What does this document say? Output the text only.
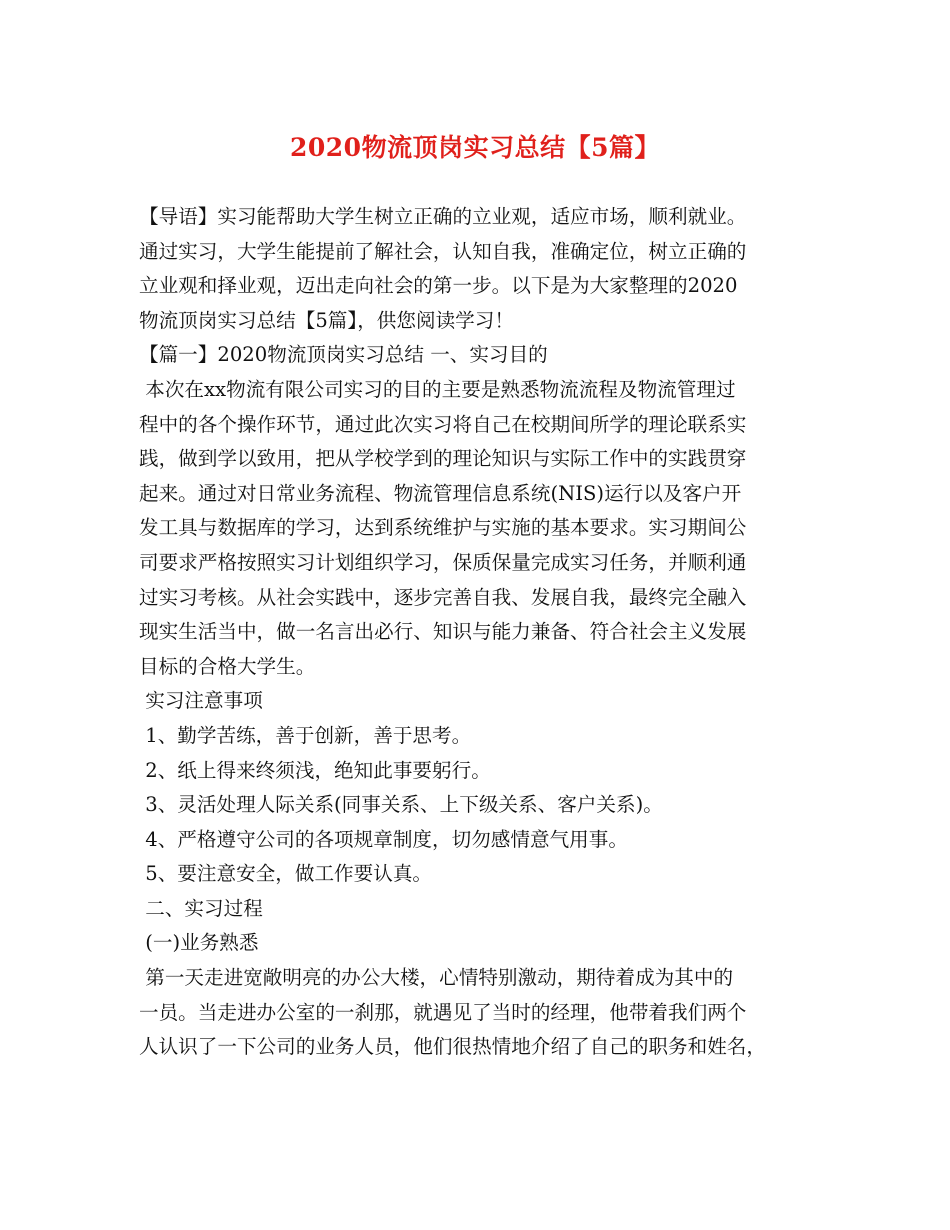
2020物流顶岗实习总结【5篇】
【导语】实习能帮助大学生树立正确的立业观，适应市场，顺利就业。
通过实习，大学生能提前了解社会，认知自我，准确定位，树立正确的
立业观和择业观，迈出走向社会的第一步。以下是为大家整理的2020
物流顶岗实习总结【5篇】，供您阅读学习！
【篇一】2020物流顶岗实习总结 一、实习目的
本次在xx物流有限公司实习的目的主要是熟悉物流流程及物流管理过
程中的各个操作环节，通过此次实习将自己在校期间所学的理论联系实
践，做到学以致用，把从学校学到的理论知识与实际工作中的实践贯穿
起来。通过对日常业务流程、物流管理信息系统(NIS)运行以及客户开
发工具与数据库的学习，达到系统维护与实施的基本要求。实习期间公
司要求严格按照实习计划组织学习，保质保量完成实习任务，并顺利通
过实习考核。从社会实践中，逐步完善自我、发展自我，最终完全融入
现实生活当中，做一名言出必行、知识与能力兼备、符合社会主义发展
目标的合格大学生。
实习注意事项
1、勤学苦练，善于创新，善于思考。
2、纸上得来终须浅，绝知此事要躬行。
3、灵活处理人际关系(同事关系、上下级关系、客户关系)。
4、严格遵守公司的各项规章制度，切勿感情意气用事。
5、要注意安全，做工作要认真。
二、实习过程
(一)业务熟悉
第一天走进宽敞明亮的办公大楼，心情特别激动，期待着成为其中的
一员。当走进办公室的一刹那，就遇见了当时的经理，他带着我们两个
人认识了一下公司的业务人员，他们很热情地介绍了自己的职务和姓名，
